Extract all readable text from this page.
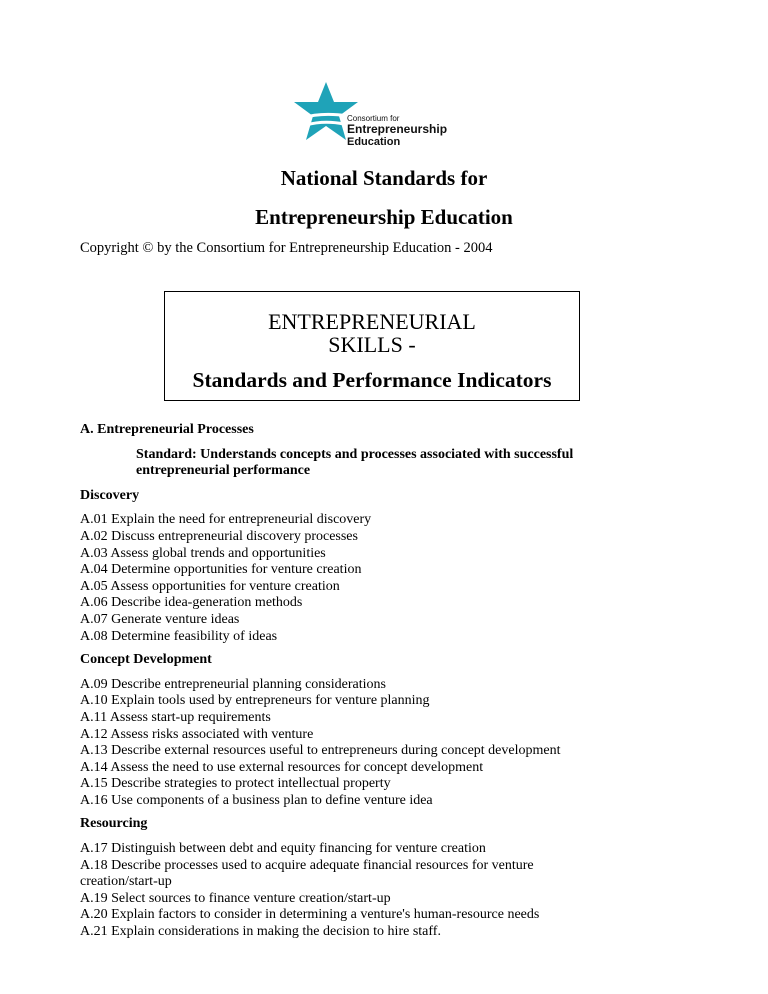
Consortium for
Entrepreneurship
Education
National Standards for
Entrepreneurship Education
Copyright © by the Consortium for Entrepreneurship Education - 2004
ENTREPRENEURIAL
SKILLS -
Standards and Performance Indicators
A. Entrepreneurial Processes
Standard: Understands concepts and processes associated with successful
entrepreneurial performance
Discovery
A.01 Explain the need for entrepreneurial discovery
A.02 Discuss entrepreneurial discovery processes
A.03 Assess global trends and opportunities
A.04 Determine opportunities for venture creation
A.05 Assess opportunities for venture creation
A.06 Describe idea-generation methods
A.07 Generate venture ideas
A.08 Determine feasibility of ideas
Concept Development
A.09 Describe entrepreneurial planning considerations
A.10 Explain tools used by entrepreneurs for venture planning
A.11 Assess start-up requirements
A.12 Assess risks associated with venture
A.13 Describe external resources useful to entrepreneurs during concept development
A.14 Assess the need to use external resources for concept development
A.15 Describe strategies to protect intellectual property
A.16 Use components of a business plan to define venture idea
Resourcing
A.17 Distinguish between debt and equity financing for venture creation
A.18 Describe processes used to acquire adequate financial resources for venture
creation/start-up
A.19 Select sources to finance venture creation/start-up
A.20 Explain factors to consider in determining a venture's human-resource needs
A.21 Explain considerations in making the decision to hire staff.
